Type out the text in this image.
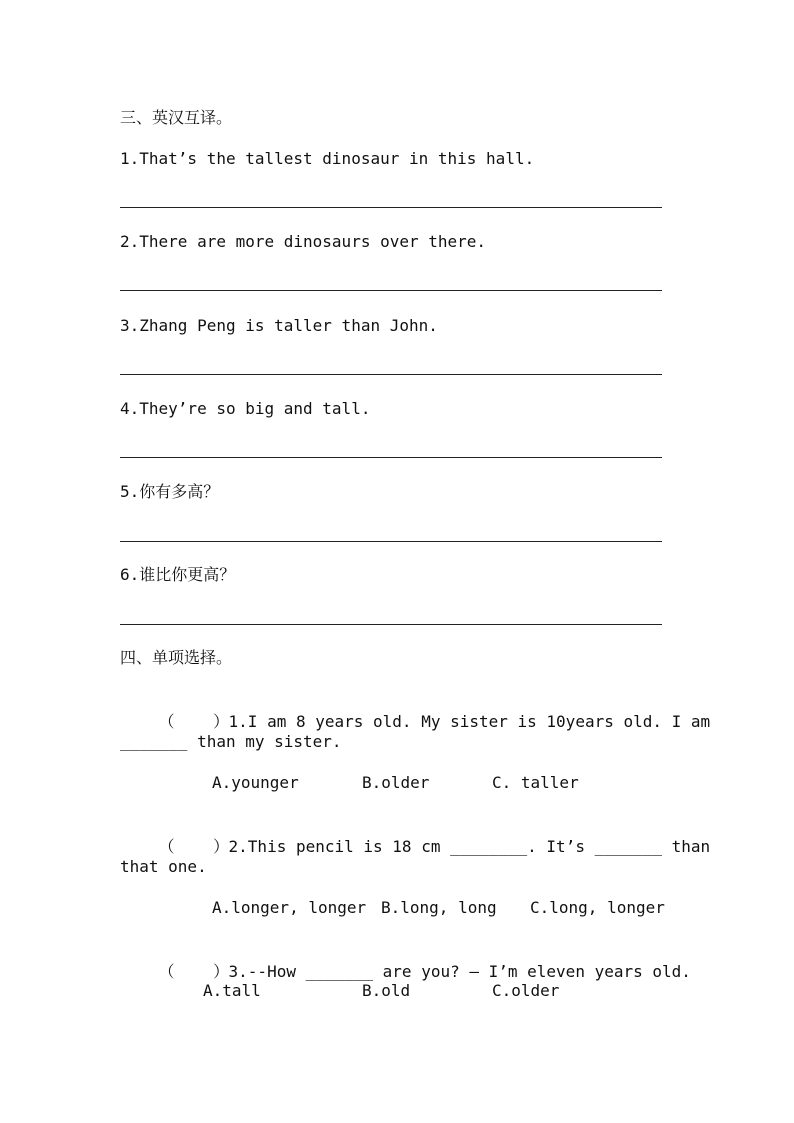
三、英汉互译。
1.That’s the tallest dinosaur in this hall.
2.There are more dinosaurs over there.
3.Zhang Peng is taller than John.
4.They’re so big and tall.
5.你有多高？
6.谁比你更高？
四、单项选择。

（    ）1.I am 8 years old. My sister is 10years old. I am

_______ than my sister.
A.younger	B.older	C. taller

（    ）2.This pencil is 18 cm ________. It’s _______ than

that one.
A.longer, longer B.long, long C.long, longer

（    ）3.--How _______ are you? – I’m eleven years old.

A.tall	B.old	C.older
